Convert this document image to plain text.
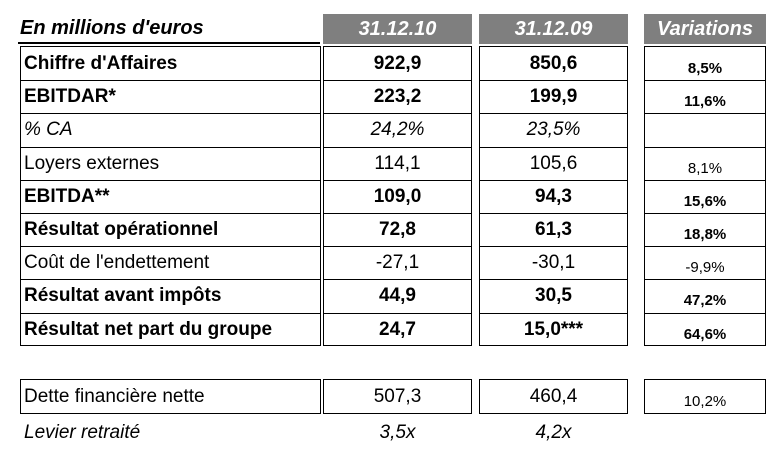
En millions d'euros	31.12.10	31.12.09	Variations
Chiffre d'Affaires	922,9	850,6	8,5%
EBITDAR*	223,2	199,9	11,6%
% CA	24,2%	23,5%
Loyers externes	114,1	105,6	8,1%
EBITDA**	109,0	94,3	15,6%
Résultat opérationnel	72,8	61,3	18,8%
Coût de l'endettement	-27,1	-30,1	-9,9%
Résultat avant impôts	44,9	30,5	47,2%
Résultat net part du groupe	24,7	15,0***	64,6%
Dette financière nette	507,3	460,4	10,2%
Levier retraité	3,5x	4,2x
